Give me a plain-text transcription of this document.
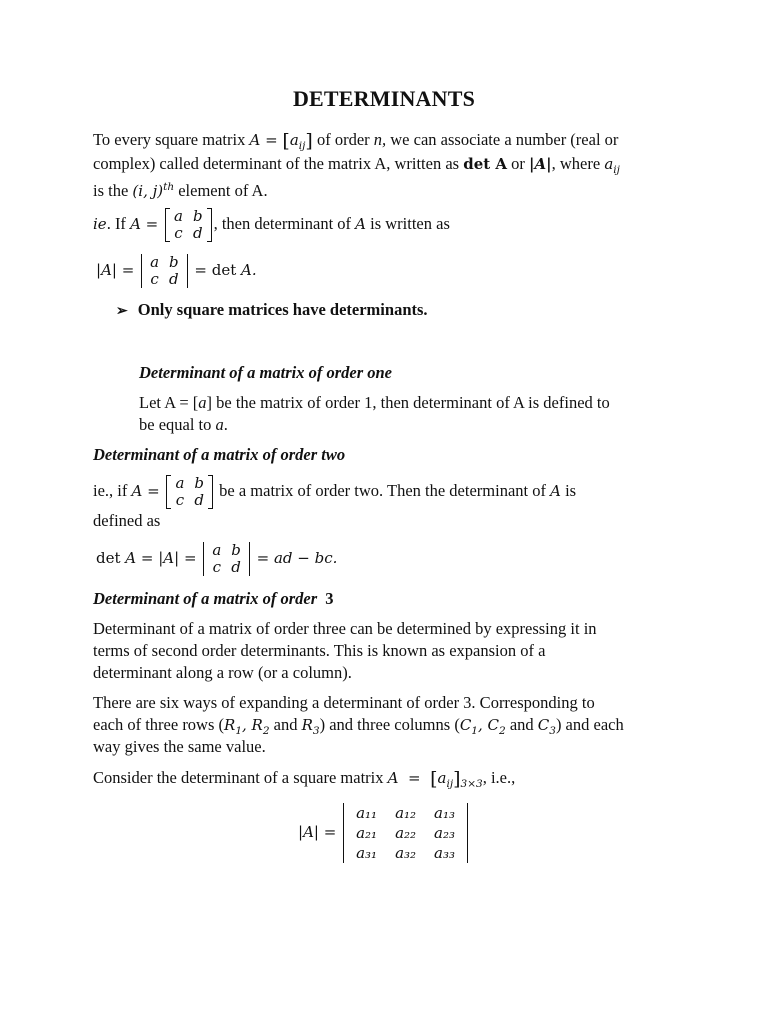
DETERMINANTS
To every square matrix $A = [a_{ij}]$ of order n, we can associate a number (real or
complex) called determinant of the matrix A, written as det A or |A|, where $a_{ij}$
is the (i, j)$^{th}$ element of A.
ie. If A = a	b
c	d
, then determinant of A is written as
|A| = a	b
c	d
= det A.
➢ Only square matrices have determinants.
Determinant of a matrix of order one
Let A = [a] be the matrix of order 1, then determinant of A is defined to
be equal to a.
Determinant of a matrix of order two
ie., if A = a	b
c	d
be a matrix of order two. Then the determinant of A is
defined as
det A = |A| = a	b
c	d
= ad − bc.
Determinant of a matrix of order 3
Determinant of a matrix of order three can be determined by expressing it in
terms of second order determinants. This is known as expansion of a
determinant along a row (or a column).
There are six ways of expanding a determinant of order 3. Corresponding to
each of three rows ($R_1$, $R_2$ and $R_3$) and three columns ($C_1$, $C_2$ and $C_3$) and each
way gives the same value.
Consider the determinant of a square matrix $A = [a_{ij}]_{3\times 3}$, i.e.,
|A| =
a₁₁	a₁₂	a₁₃
a₂₁	a₂₂	a₂₃
a₃₁	a₃₂	a₃₃
